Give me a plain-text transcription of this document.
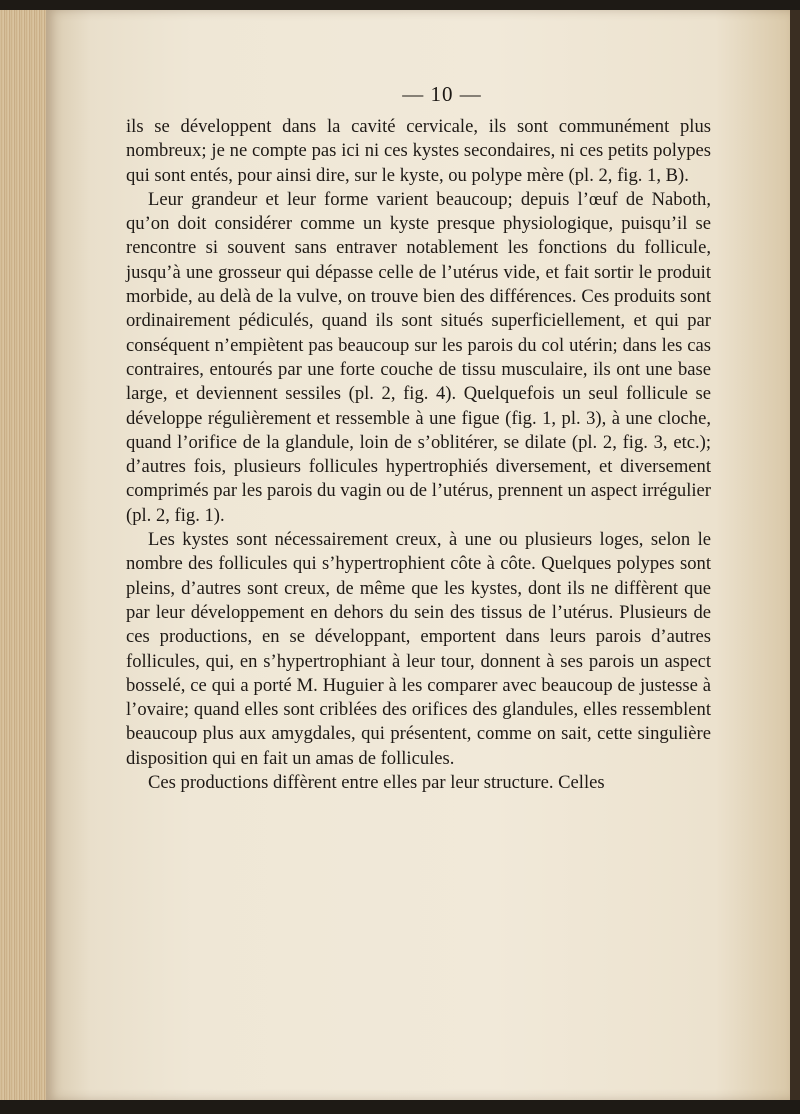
— 10 —

ils se développent dans la cavité cervicale, ils sont communément plus nombreux; je ne compte pas ici ni ces kystes secondaires, ni ces petits polypes qui sont entés, pour ainsi dire, sur le kyste, ou polype mère (pl. 2, fig. 1, B).

Leur grandeur et leur forme varient beaucoup; depuis l’œuf de Naboth, qu’on doit considérer comme un kyste presque physiologique, puisqu’il se rencontre si souvent sans entraver notablement les fonctions du follicule, jusqu’à une grosseur qui dépasse celle de l’utérus vide, et fait sortir le produit morbide, au delà de la vulve, on trouve bien des différences. Ces produits sont ordinairement pédiculés, quand ils sont situés superficiellement, et qui par conséquent n’empiètent pas beaucoup sur les parois du col utérin; dans les cas contraires, entourés par une forte couche de tissu musculaire, ils ont une base large, et deviennent sessiles (pl. 2, fig. 4). Quelquefois un seul follicule se développe régulièrement et ressemble à une figue (fig. 1, pl. 3), à une cloche, quand l’orifice de la glandule, loin de s’oblitérer, se dilate (pl. 2, fig. 3, etc.); d’autres fois, plusieurs follicules hypertrophiés diversement, et diversement comprimés par les parois du vagin ou de l’utérus, prennent un aspect irrégulier (pl. 2, fig. 1).

Les kystes sont nécessairement creux, à une ou plusieurs loges, selon le nombre des follicules qui s’hypertrophient côte à côte. Quelques polypes sont pleins, d’autres sont creux, de même que les kystes, dont ils ne diffèrent que par leur développement en dehors du sein des tissus de l’utérus. Plusieurs de ces productions, en se développant, emportent dans leurs parois d’autres follicules, qui, en s’hypertrophiant à leur tour, donnent à ses parois un aspect bosselé, ce qui a porté M. Huguier à les comparer avec beaucoup de justesse à l’ovaire; quand elles sont criblées des orifices des glandules, elles ressemblent beaucoup plus aux amygdales, qui présentent, comme on sait, cette singulière disposition qui en fait un amas de follicules.

Ces productions diffèrent entre elles par leur structure. Celles
